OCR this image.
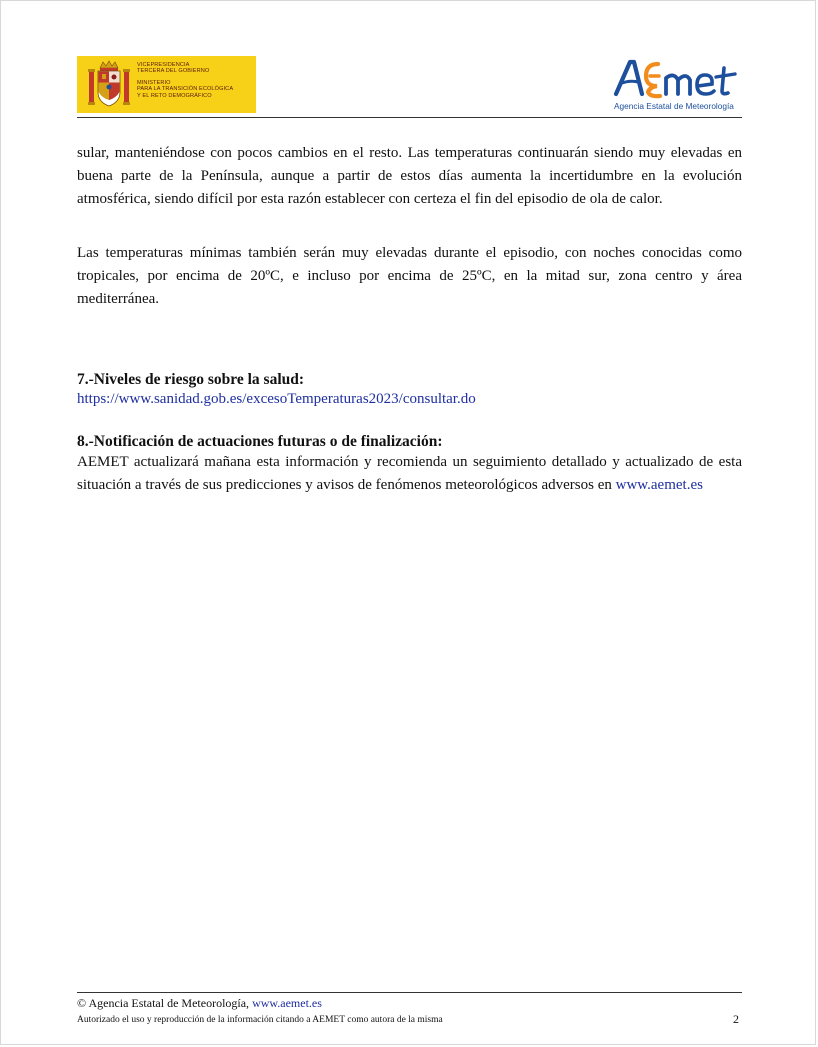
VICEPRESIDENCIA
TERCERA DEL GOBIERNO
MINISTERIO
PARA LA TRANSICIÓN ECOLÓGICA
Y EL RETO DEMOGRÁFICO
Agencia Estatal de Meteorología

sular, manteniéndose con pocos cambios en el resto. Las temperaturas continuarán siendo muy elevadas en buena parte de la Península, aunque a partir de estos días aumenta la incertidumbre en la evolución atmosférica, siendo difícil por esta razón establecer con certeza el fin del episodio de ola de calor.

Las temperaturas mínimas también serán muy elevadas durante el episodio, con noches conocidas como tropicales, por encima de 20ºC, e incluso por encima de 25ºC, en la mitad sur, zona centro y área mediterránea.

7.-Niveles de riesgo sobre la salud:
https://www.sanidad.gob.es/excesoTemperaturas2023/consultar.do
8.-Notificación de actuaciones futuras o de finalización:

AEMET actualizará mañana esta información y recomienda un seguimiento detallado y actualizado de esta situación a través de sus predicciones y avisos de fenómenos meteorológicos adversos en www.aemet.es

© Agencia Estatal de Meteorología, www.aemet.es
Autorizado el uso y reproducción de la información citando a AEMET como autora de la misma	2
